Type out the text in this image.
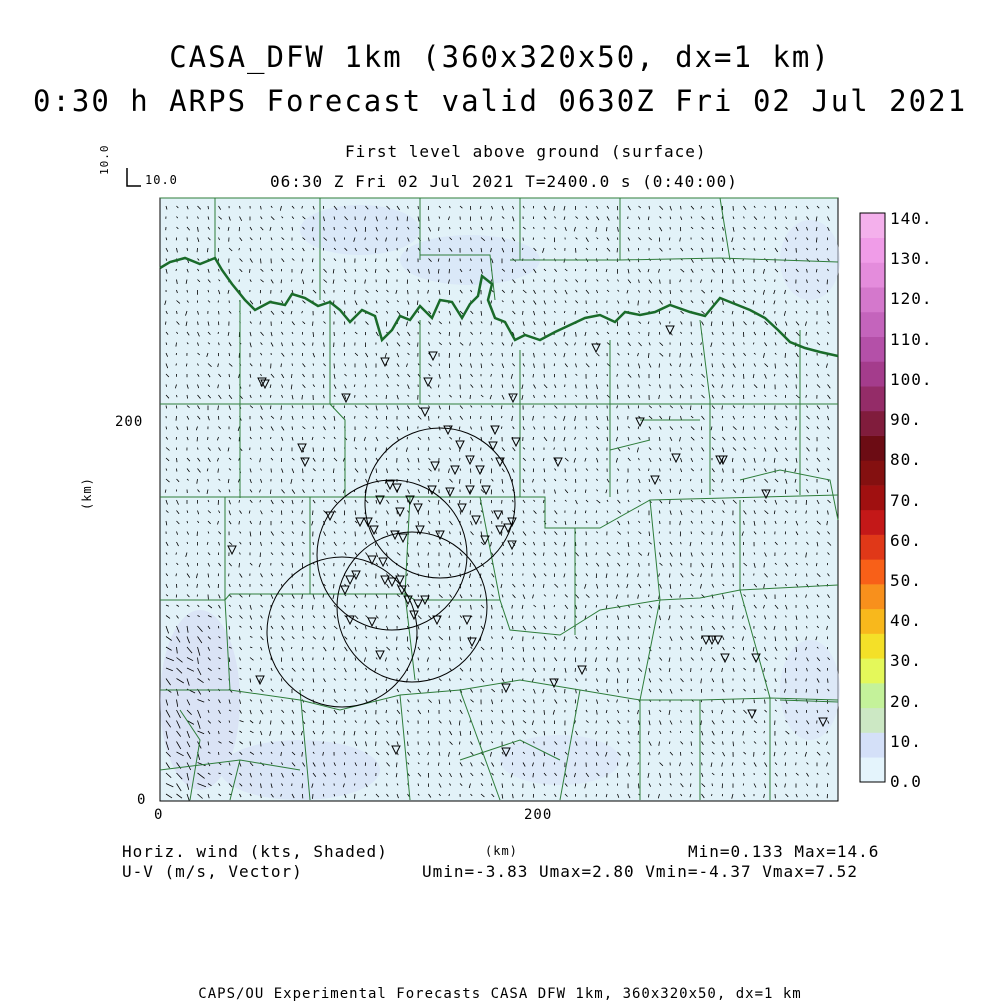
CASA_DFW 1km (360x320x50, dx=1 km)
0:30 h ARPS Forecast valid 0630Z Fri 02 Jul 2021
First level above ground (surface)
06:30 Z Fri 02 Jul 2021 T=2400.0 s (0:40:00)
10.0
10.0
(km)
200
0
0	200
0.0
10.
20.
30.
40.
50.
60.
70.
80.
90.
100.
110.
120.
130.
140.
Horiz. wind (kts, Shaded)
U-V (m/s, Vector)
(km)	Min=0.133 Max=14.6
Umin=-3.83 Umax=2.80 Vmin=-4.37 Vmax=7.52
CAPS/OU Experimental Forecasts CASA DFW 1km, 360x320x50, dx=1 km
